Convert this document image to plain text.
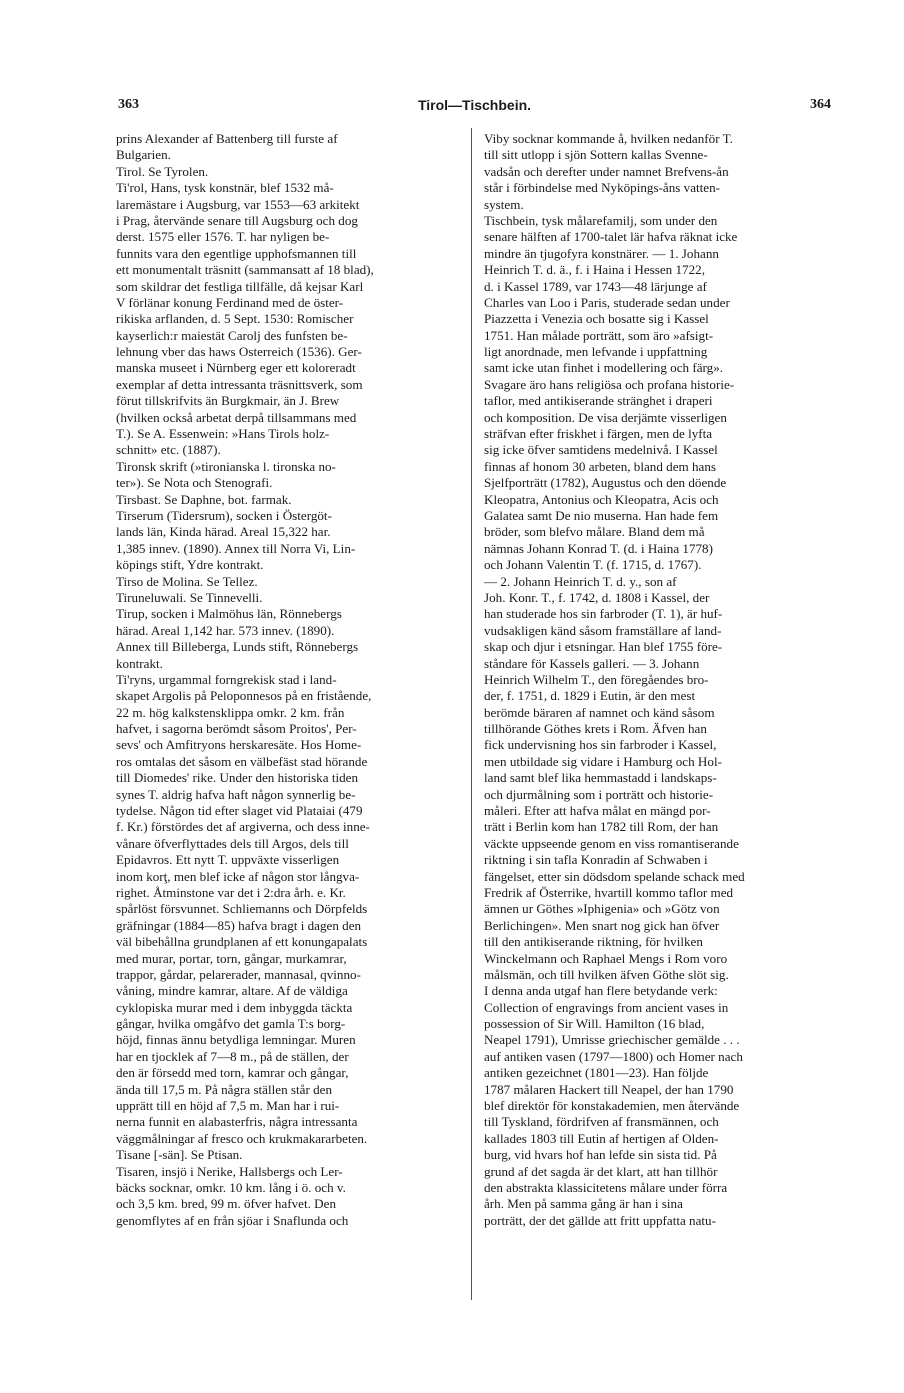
363	Tirol—Tischbein.	364
prins Alexander af Battenberg till furste af
Bulgarien.
Tirol. Se Tyrolen.
Ti'rol, Hans, tysk konstnär, blef 1532 må-
laremästare i Augsburg, var 1553—63 arkitekt
i Prag, återvände senare till Augsburg och dog
derst. 1575 eller 1576. T. har nyligen be-
funnits vara den egentlige upphofsmannen till
ett monumentalt träsnitt (sammansatt af 18 blad),
som skildrar det festliga tillfälle, då kejsar Karl
V förlänar konung Ferdinand med de öster-
rikiska arflanden, d. 5 Sept. 1530: Romischer
kayserlich:r maiestät Carolj des funfsten be-
lehnung vber das haws Osterreich (1536). Ger-
manska museet i Nürnberg eger ett koloreradt
exemplar af detta intressanta träsnittsverk, som
förut tillskrifvits än Burgkmair, än J. Brew
(hvilken också arbetat derpå tillsammans med
T.). Se A. Essenwein: »Hans Tirols holz-
schnitt» etc. (1887).
Tironsk skrift (»tironianska l. tironska no-
ter»). Se Nota och Stenografi.
Tirsbast. Se Daphne, bot. farmak.
Tirserum (Tidersrum), socken i Östergöt-
lands län, Kinda härad. Areal 15,322 har.
1,385 innev. (1890). Annex till Norra Vi, Lin-
köpings stift, Ydre kontrakt.
Tirso de Molina. Se Tellez.
Tiruneluwali. Se Tinnevelli.
Tirup, socken i Malmöhus län, Rönnebergs
härad. Areal 1,142 har. 573 innev. (1890).
Annex till Billeberga, Lunds stift, Rönnebergs
kontrakt.
Ti'ryns, urgammal forngrekisk stad i land-
skapet Argolis på Peloponnesos på en fristående,
22 m. hög kalkstensklippa omkr. 2 km. från
hafvet, i sagorna berömdt såsom Proitos', Per-
sevs' och Amfitryons herskaresäte. Hos Home-
ros omtalas det såsom en välbefäst stad hörande
till Diomedes' rike. Under den historiska tiden
synes T. aldrig hafva haft någon synnerlig be-
tydelse. Någon tid efter slaget vid Plataiai (479
f. Kr.) förstördes det af argiverna, och dess inne-
vånare öfverflyttades dels till Argos, dels till
Epidavros. Ett nytt T. uppväxte visserligen
inom korţ, men blef icke af någon stor långva-
righet. Åtminstone var det i 2:dra årh. e. Kr.
spårlöst försvunnet. Schliemanns och Dörpfelds
gräfningar (1884—85) hafva bragt i dagen den
väl bibehållna grundplanen af ett konungapalats
med murar, portar, torn, gångar, murkamrar,
trappor, gårdar, pelarerader, mannasal, qvinno-
våning, mindre kamrar, altare. Af de väldiga
cyklopiska murar med i dem inbyggda täckta
gångar, hvilka omgåfvo det gamla T:s borg-
höjd, finnas ännu betydliga lemningar. Muren
har en tjocklek af 7—8 m., på de ställen, der
den är försedd med torn, kamrar och gångar,
ända till 17,5 m. På några ställen står den
upprätt till en höjd af 7,5 m. Man har i rui-
nerna funnit en alabasterfris, några intressanta
väggmålningar af fresco och krukmakararbeten.
Tisane [-sän]. Se Ptisan.
Tisaren, insjö i Nerike, Hallsbergs och Ler-
bäcks socknar, omkr. 10 km. lång i ö. och v.
och 3,5 km. bred, 99 m. öfver hafvet. Den
genomflytes af en från sjöar i Snaflunda och
Viby socknar kommande å, hvilken nedanför T.
till sitt utlopp i sjön Sottern kallas Svenne-
vadsån och derefter under namnet Brefvens-ån
står i förbindelse med Nyköpings-åns vatten-
system.
Tischbein, tysk målarefamilj, som under den
senare hälften af 1700-talet lär hafva räknat icke
mindre än tjugofyra konstnärer. — 1. Johann
Heinrich T. d. ä., f. i Haina i Hessen 1722,
d. i Kassel 1789, var 1743—48 lärjunge af
Charles van Loo i Paris, studerade sedan under
Piazzetta i Venezia och bosatte sig i Kassel
1751. Han målade porträtt, som äro »afsigt-
ligt anordnade, men lefvande i uppfattning
samt icke utan finhet i modellering och färg».
Svagare äro hans religiösa och profana historie-
taflor, med antikiserande stränghet i draperi
och komposition. De visa derjämte visserligen
sträfvan efter friskhet i färgen, men de lyfta
sig icke öfver samtidens medelnivå. I Kassel
finnas af honom 30 arbeten, bland dem hans
Sjelfporträtt (1782), Augustus och den döende
Kleopatra, Antonius och Kleopatra, Acis och
Galatea samt De nio muserna. Han hade fem
bröder, som blefvo målare. Bland dem må
nämnas Johann Konrad T. (d. i Haina 1778)
och Johann Valentin T. (f. 1715, d. 1767).
— 2. Johann Heinrich T. d. y., son af
Joh. Konr. T., f. 1742, d. 1808 i Kassel, der
han studerade hos sin farbroder (T. 1), är huf-
vudsakligen känd såsom framställare af land-
skap och djur i etsningar. Han blef 1755 före-
ståndare för Kassels galleri. — 3. Johann
Heinrich Wilhelm T., den föregåendes bro-
der, f. 1751, d. 1829 i Eutin, är den mest
berömde bäraren af namnet och känd såsom
tillhörande Göthes krets i Rom. Äfven han
fick undervisning hos sin farbroder i Kassel,
men utbildade sig vidare i Hamburg och Hol-
land samt blef lika hemmastadd i landskaps-
och djurmålning som i porträtt och historie-
måleri. Efter att hafva målat en mängd por-
trätt i Berlin kom han 1782 till Rom, der han
väckte uppseende genom en viss romantiserande
riktning i sin tafla Konradin af Schwaben i
fängelset, etter sin dödsdom spelande schack med
Fredrik af Österrike, hvartill kommo taflor med
ämnen ur Göthes »Iphigenia» och »Götz von
Berlichingen». Men snart nog gick han öfver
till den antikiserande riktning, för hvilken
Winckelmann och Raphael Mengs i Rom voro
målsmän, och till hvilken äfven Göthe slöt sig.
I denna anda utgaf han flere betydande verk:
Collection of engravings from ancient vases in
possession of Sir Will. Hamilton (16 blad,
Neapel 1791), Umrisse griechischer gemälde . . .
auf antiken vasen (1797—1800) och Homer nach
antiken gezeichnet (1801—23). Han följde
1787 målaren Hackert till Neapel, der han 1790
blef direktör för konstakademien, men återvände
till Tyskland, fördrifven af fransmännen, och
kallades 1803 till Eutin af hertigen af Olden-
burg, vid hvars hof han lefde sin sista tid. På
grund af det sagda är det klart, att han tillhör
den abstrakta klassicitetens målare under förra
årh. Men på samma gång är han i sina
porträtt, der det gällde att fritt uppfatta natu-
